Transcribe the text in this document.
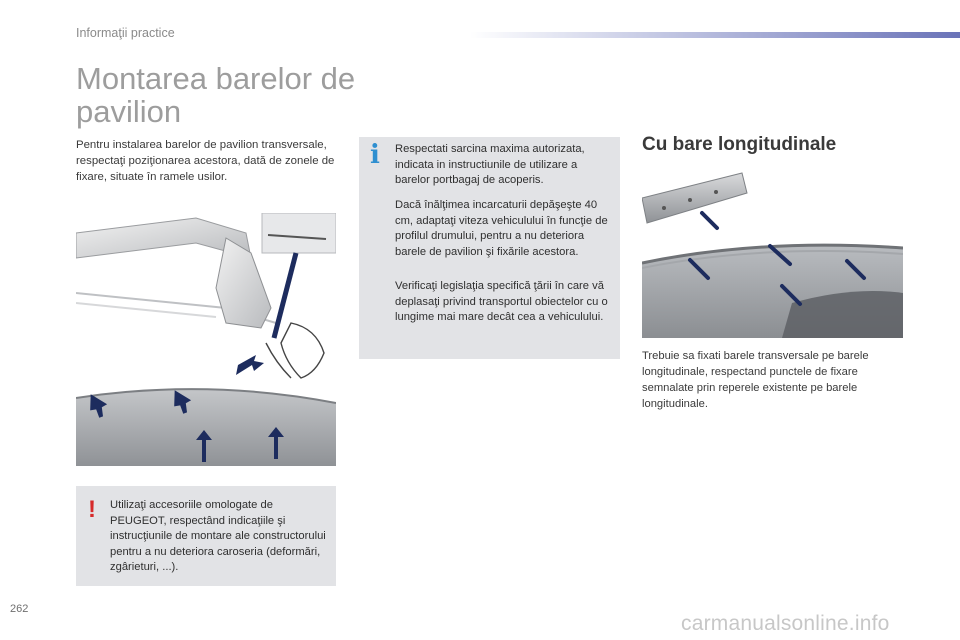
Informaţii practice
Montarea barelor de pavilion

Pentru instalarea barelor de pavilion transversale, respectaţi poziţionarea acestora, dată de zonele de fixare, situate în ramele usilor.

! Utilizaţi accesoriile omologate de PEUGEOT, respectând indicaţiile şi instrucţiunile de montare ale constructorului pentru a nu deteriora caroseria (deformări, zgârieturi, ...).

i Respectati sarcina maxima autorizata, indicata in instructiunile de utilizare a barelor portbagaj de acoperis.

Dacă înălţimea incarcaturii depăşeşte 40 cm, adaptaţi viteza vehiculului în funcţie de profilul drumului, pentru a nu deteriora barele de pavilion şi fixările acestora.

Verificaţi legislaţia specifică ţării în care vă deplasaţi privind transportul obiectelor cu o lungime mai mare decât cea a vehiculului.

Cu bare longitudinale

Trebuie sa fixati barele transversale pe barele longitudinale, respectand punctele de fixare semnalate prin reperele existente pe barele longitudinale.

262
carmanualsonline.info
